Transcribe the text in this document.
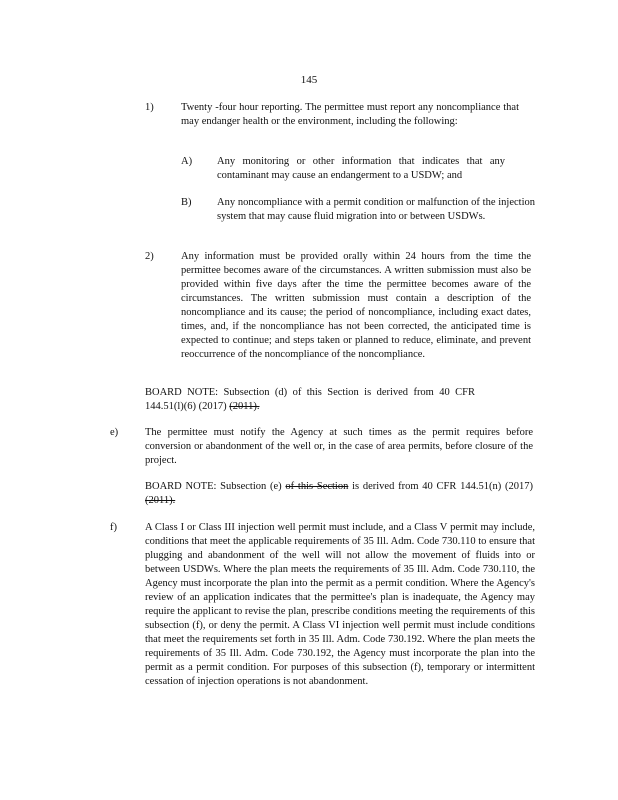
145
1)	Twenty -four hour reporting. The permittee must report any noncompliance that may endanger health or the environment, including the following:
A) Any monitoring or other information that indicates that any contaminant may cause an endangerment to a USDW; and
B) Any noncompliance with a permit condition or malfunction of the injection system that may cause fluid migration into or between USDWs.
2)	Any information must be provided orally within 24 hours from the time the permittee becomes aware of the circumstances. A written submission must also be provided within five days after the time the permittee becomes aware of the circumstances. The written submission must contain a description of the noncompliance and its cause; the period of noncompliance, including exact dates, times, and, if the noncompliance has not been corrected, the anticipated time is expected to continue; and steps taken or planned to reduce, eliminate, and prevent reoccurrence of the noncompliance of the noncompliance.
BOARD NOTE: Subsection (d) of this Section is derived from 40 CFR 144.51(l)(6) (2017) (2011).
e)	The permittee must notify the Agency at such times as the permit requires before conversion or abandonment of the well or, in the case of area permits, before closure of the project.
BOARD NOTE: Subsection (e) of this Section is derived from 40 CFR 144.51(n) (2017) (2011).
f)	A Class I or Class III injection well permit must include, and a Class V permit may include, conditions that meet the applicable requirements of 35 Ill. Adm. Code 730.110 to ensure that plugging and abandonment of the well will not allow the movement of fluids into or between USDWs. Where the plan meets the requirements of 35 Ill. Adm. Code 730.110, the Agency must incorporate the plan into the permit as a permit condition. Where the Agency's review of an application indicates that the permittee's plan is inadequate, the Agency may require the applicant to revise the plan, prescribe conditions meeting the requirements of this subsection (f), or deny the permit. A Class VI injection well permit must include conditions that meet the requirements set forth in 35 Ill. Adm. Code 730.192. Where the plan meets the requirements of 35 Ill. Adm. Code 730.192, the Agency must incorporate the plan into the permit as a permit condition. For purposes of this subsection (f), temporary or intermittent cessation of injection operations is not abandonment.
